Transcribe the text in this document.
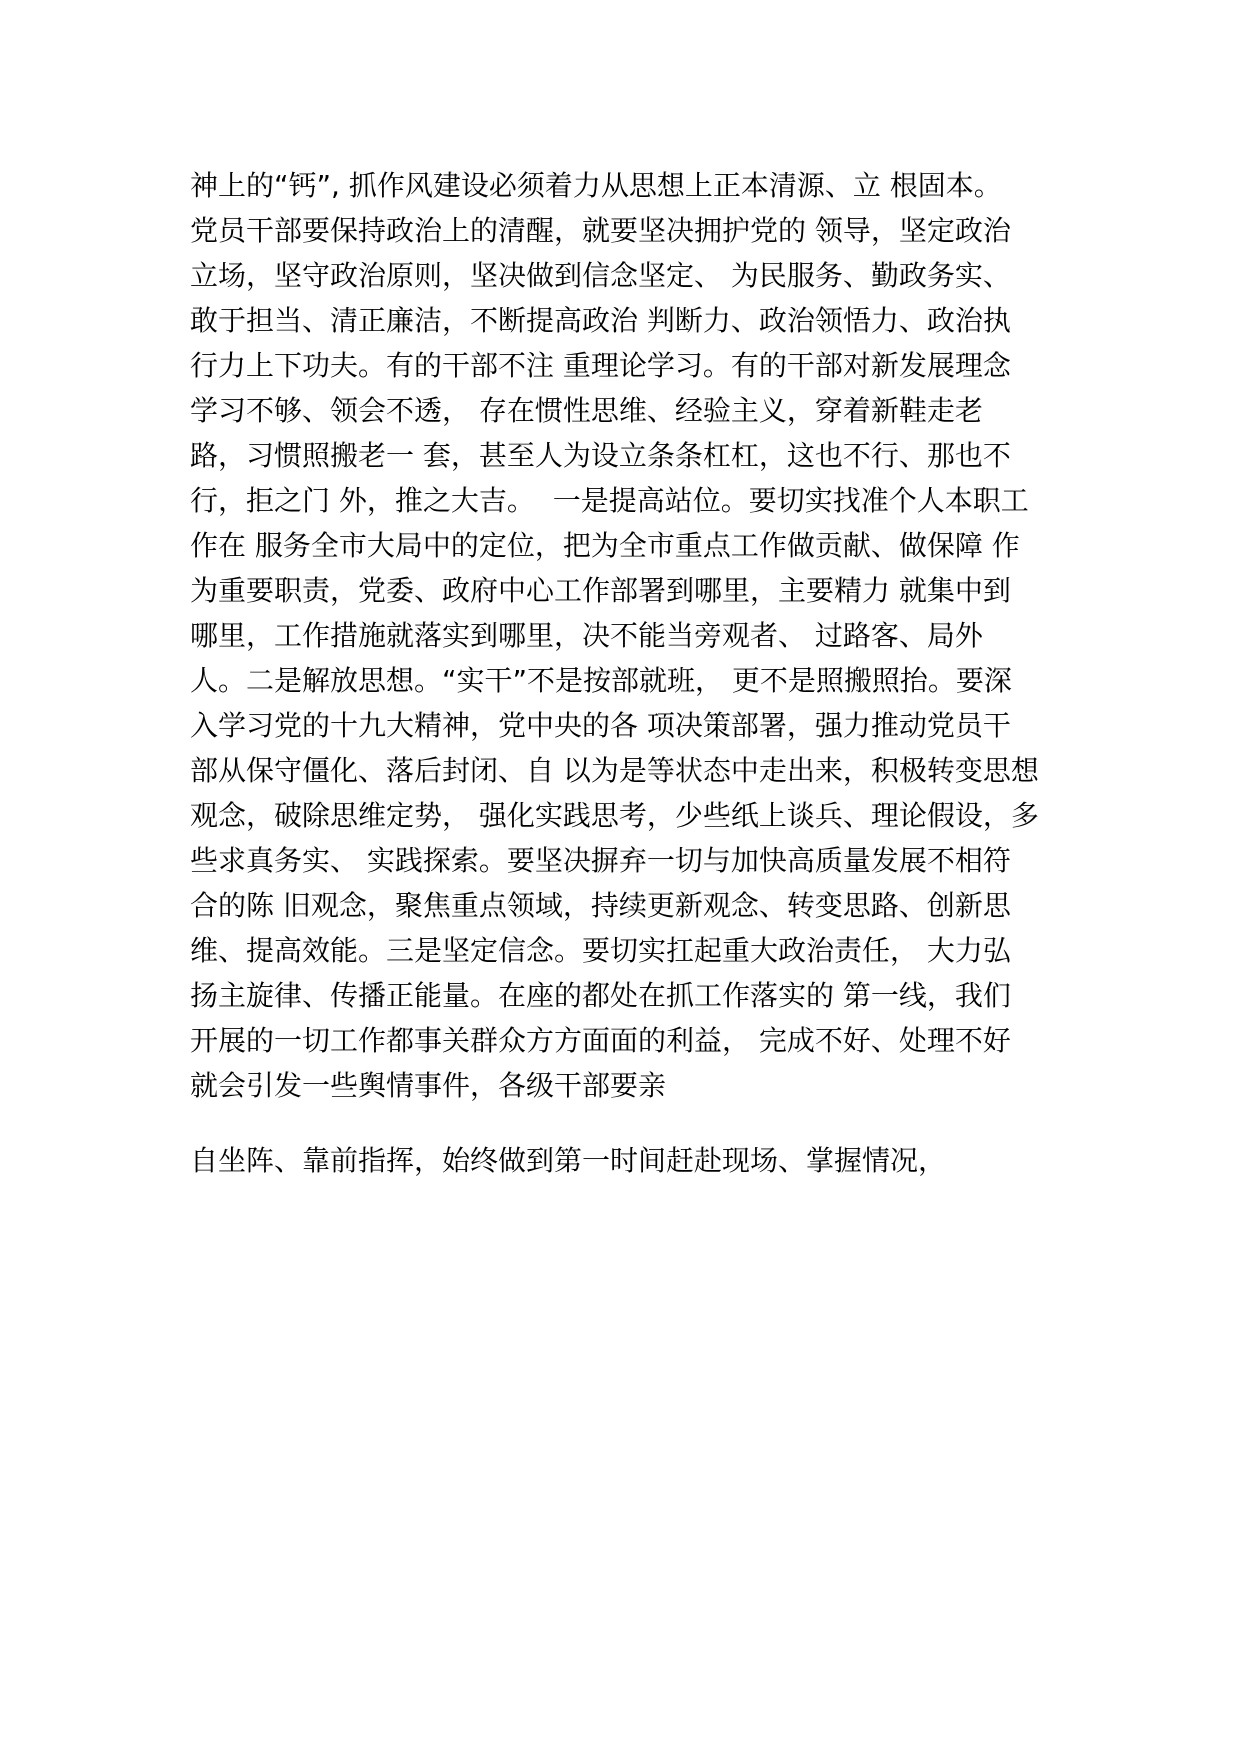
神上的“钙”, 抓作风建设必须着力从思想上正本清源、立 根固本。
党员干部要保持政治上的清醒，就要坚决拥护党的 领导，坚定政治
立场，坚守政治原则，坚决做到信念坚定、 为民服务、勤政务实、
敢于担当、清正廉洁，不断提高政治 判断力、政治领悟力、政治执
行力上下功夫。有的干部不注 重理论学习。有的干部对新发展理念
学习不够、领会不透， 存在惯性思维、经验主义，穿着新鞋走老
路，习惯照搬老一 套，甚至人为设立条条杠杠，这也不行、那也不
行，拒之门 外，推之大吉。  一是提高站位。要切实找准个人本职工
作在 服务全市大局中的定位，把为全市重点工作做贡献、做保障 作
为重要职责，党委、政府中心工作部署到哪里，主要精力 就集中到
哪里，工作措施就落实到哪里，决不能当旁观者、 过路客、局外
人。二是解放思想。“实干”不是按部就班， 更不是照搬照抬。要深
入学习党的十九大精神，党中央的各 项决策部署，强力推动党员干
部从保守僵化、落后封闭、自 以为是等状态中走出来，积极转变思想
观念，破除思维定势， 强化实践思考，少些纸上谈兵、理论假设，多
些求真务实、 实践探索。要坚决摒弃一切与加快高质量发展不相符
合的陈 旧观念，聚焦重点领域，持续更新观念、转变思路、创新思
维、提高效能。三是坚定信念。要切实扛起重大政治责任， 大力弘
扬主旋律、传播正能量。在座的都处在抓工作落实的 第一线，我们
开展的一切工作都事关群众方方面面的利益， 完成不好、处理不好
就会引发一些舆情事件，各级干部要亲
自坐阵、靠前指挥，始终做到第一时间赶赴现场、掌握情况，
